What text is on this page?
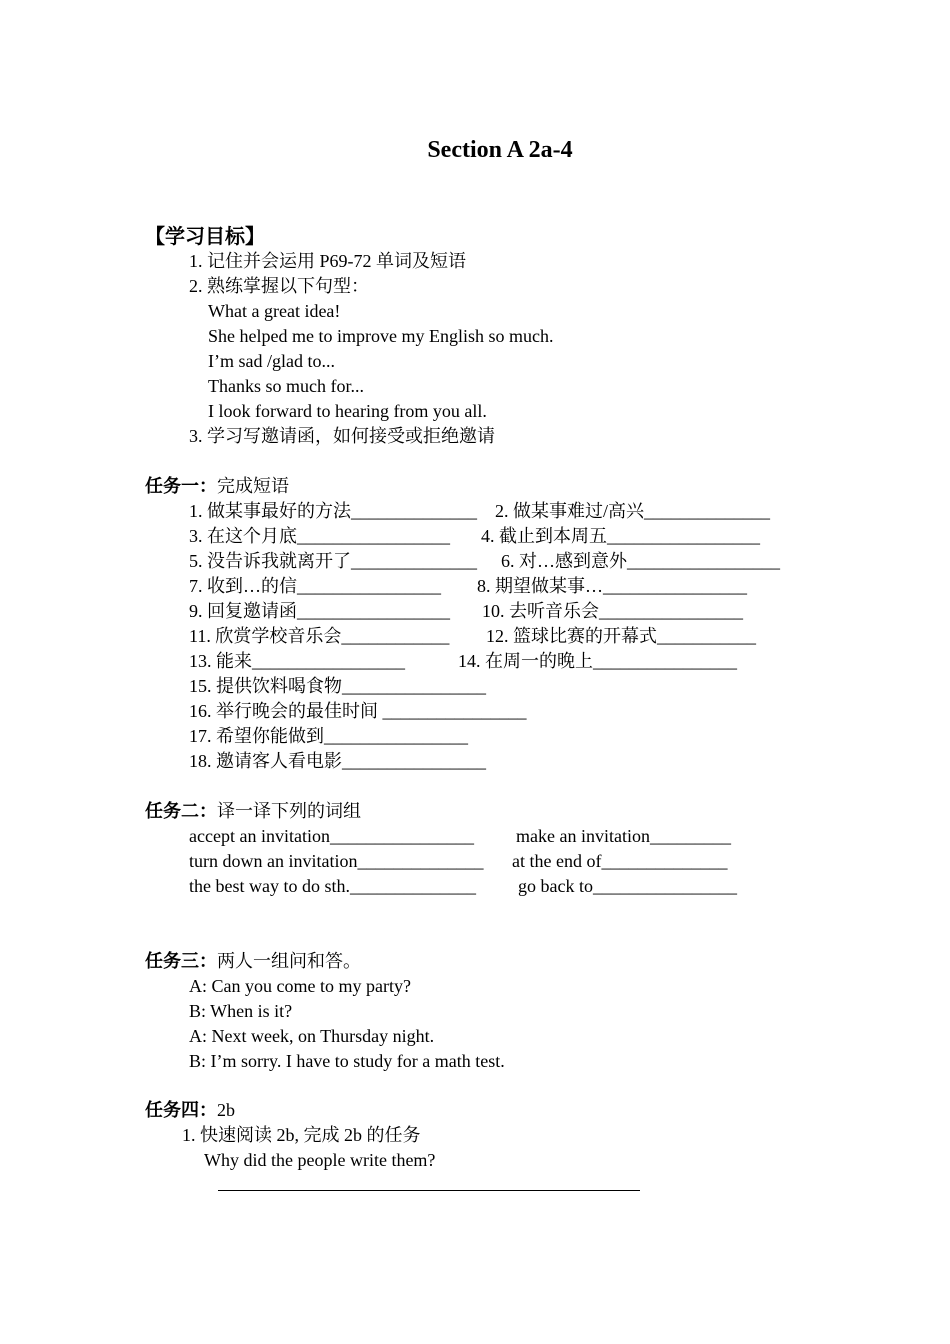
Section A 2a-4
【学习目标】
1. 记住并会运用 P69-72 单词及短语
2. 熟练掌握以下句型：
What a great idea!
She helped me to improve my English so much.
I’m sad /glad to...
Thanks so much for...
I look forward to hearing from you all.
3. 学习写邀请函，如何接受或拒绝邀请
任务一：完成短语
1. 做某事最好的方法______________ 2. 做某事难过/高兴______________
3. 在这个月底_________________ 4. 截止到本周五_________________
5. 没告诉我就离开了______________ 6. 对…感到意外_________________
7. 收到…的信________________ 8. 期望做某事…________________
9. 回复邀请函_________________ 10. 去听音乐会________________
11. 欣赏学校音乐会____________ 12. 篮球比赛的开幕式___________
13. 能来_________________	14. 在周一的晚上________________
15. 提供饮料喝食物________________
16. 举行晚会的最佳时间 ________________
17. 希望你能做到________________
18. 邀请客人看电影________________
任务二：译一译下列的词组
accept an invitation________________ make an invitation_________
turn down an invitation______________ at the end of______________
the best way to do sth.______________ go back to________________
任务三：两人一组问和答。
A: Can you come to my party?
B: When is it?
A: Next week, on Thursday night.
B: I’m sorry. I have to study for a math test.
任务四：2b
1. 快速阅读 2b, 完成 2b 的任务
Why did the people write them?
